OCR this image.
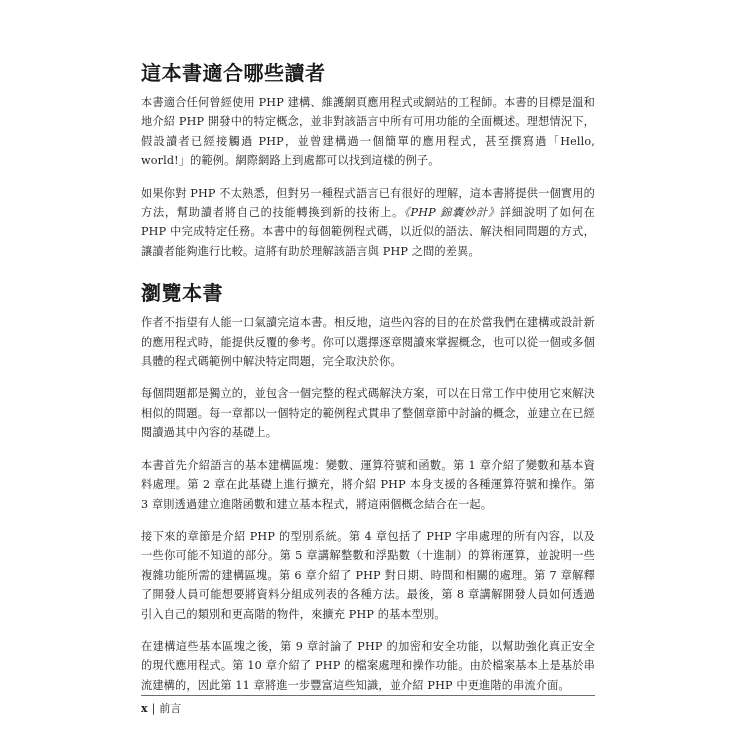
這本書適合哪些讀者

本書適合任何曾經使用 PHP 建構、維護網頁應用程式或網站的工程師。本書的目標是溫和地介紹 PHP 開發中的特定概念，並非對該語言中所有可用功能的全面概述。理想情況下，假設讀者已經接觸過 PHP，並曾建構過一個簡單的應用程式，甚至撰寫過「Hello, world!」的範例。網際網路上到處都可以找到這樣的例子。

如果你對 PHP 不太熟悉，但對另一種程式語言已有很好的理解，這本書將提供一個實用的方法，幫助讀者將自己的技能轉換到新的技術上。《PHP 錦囊妙計》詳細說明了如何在 PHP 中完成特定任務。本書中的每個範例程式碼，以近似的語法、解決相同問題的方式，讓讀者能夠進行比較。這將有助於理解該語言與 PHP 之間的差異。

瀏覽本書

作者不指望有人能一口氣讀完這本書。相反地，這些內容的目的在於當我們在建構或設計新的應用程式時，能提供反覆的參考。你可以選擇逐章閱讀來掌握概念，也可以從一個或多個具體的程式碼範例中解決特定問題，完全取決於你。

每個問題都是獨立的，並包含一個完整的程式碼解決方案，可以在日常工作中使用它來解決相似的問題。每一章都以一個特定的範例程式貫串了整個章節中討論的概念，並建立在已經閱讀過其中內容的基礎上。

本書首先介紹語言的基本建構區塊：變數、運算符號和函數。第 1 章介紹了變數和基本資料處理。第 2 章在此基礎上進行擴充，將介紹 PHP 本身支援的各種運算符號和操作。第 3 章則透過建立進階函數和建立基本程式，將這兩個概念結合在一起。

接下來的章節是介紹 PHP 的型別系統。第 4 章包括了 PHP 字串處理的所有內容，以及一些你可能不知道的部分。第 5 章講解整數和浮點數（十進制）的算術運算，並說明一些複雜功能所需的建構區塊。第 6 章介紹了 PHP 對日期、時間和相關的處理。第 7 章解釋了開發人員可能想要將資料分組成列表的各種方法。最後，第 8 章講解開發人員如何透過引入自己的類別和更高階的物件，來擴充 PHP 的基本型別。

在建構這些基本區塊之後，第 9 章討論了 PHP 的加密和安全功能，以幫助強化真正安全的現代應用程式。第 10 章介紹了 PHP 的檔案處理和操作功能。由於檔案基本上是基於串流建構的，因此第 11 章將進一步豐富這些知識，並介紹 PHP 中更進階的串流介面。

x | 前言
